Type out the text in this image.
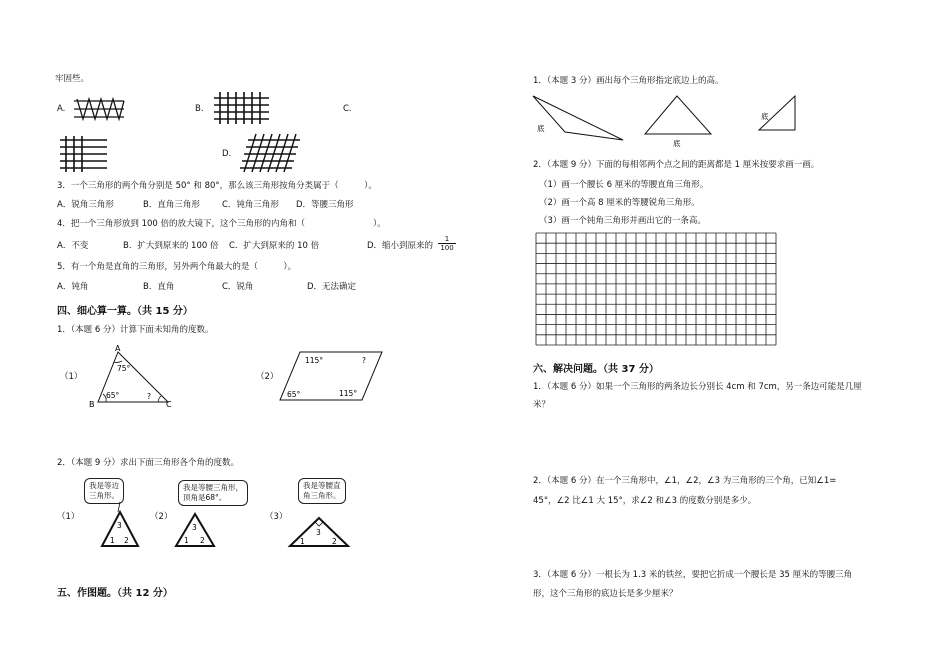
牢固些。
A.	B.	C.
D.
3．一个三角形的两个角分别是 50° 和 80°，那么该三角形按角分类属于（　　　）。
A．锐角三角形	B．直角三角形	C．钝角三角形 D．等腰三角形
4．把一个三角形放到 100 倍的放大镜下，这个三角形的内角和（　　　　　　　　）。
A．不变	B．扩大到原来的 100 倍 C．扩大到原来的 10 倍	D．缩小到原来的 $\frac{1}{100}$
5．有一个角是直角的三角形，另外两个角最大的是（　　　）。
A．钝角	B．直角	C．锐角	D．无法确定
四、细心算一算。（共 15 分）
1．（本题 6 分）计算下面未知角的度数。
（1）
A
B	C
75°
65°	?
（2）
115°	?
65°	115°
2．（本题 9 分）求出下面三角形各个角的度数。
（1）
我是等边
三角形。
3
1 2
（2）
我是等腰三角形，
顶角是68°。
3
1 2
（3）
我是等腰直
角三角形。
3
1	2
五、作图题。（共 12 分）
1．（本题 3 分）画出每个三角形指定底边上的高。
底
底
底
2．（本题 9 分）下面的每相邻两个点之间的距离都是 1 厘米按要求画一画。
（1）画一个腰长 6 厘米的等腰直角三角形。
（2）画一个高 8 厘米的等腰锐角三角形。
（3）画一个钝角三角形并画出它的一条高。
六、解决问题。（共 37 分）
1．（本题 6 分）如果一个三角形的两条边长分别长 4cm 和 7cm，另一条边可能是几厘
米？
2．（本题 6 分）在一个三角形中，∠1，∠2，∠3 为三角形的三个角，已知∠1=
45°，∠2 比∠1 大 15°，求∠2 和∠3 的度数分别是多少。
3．（本题 6 分）一根长为 1.3 米的铁丝，要把它折成一个腰长是 35 厘米的等腰三角
形，这个三角形的底边长是多少厘米？
